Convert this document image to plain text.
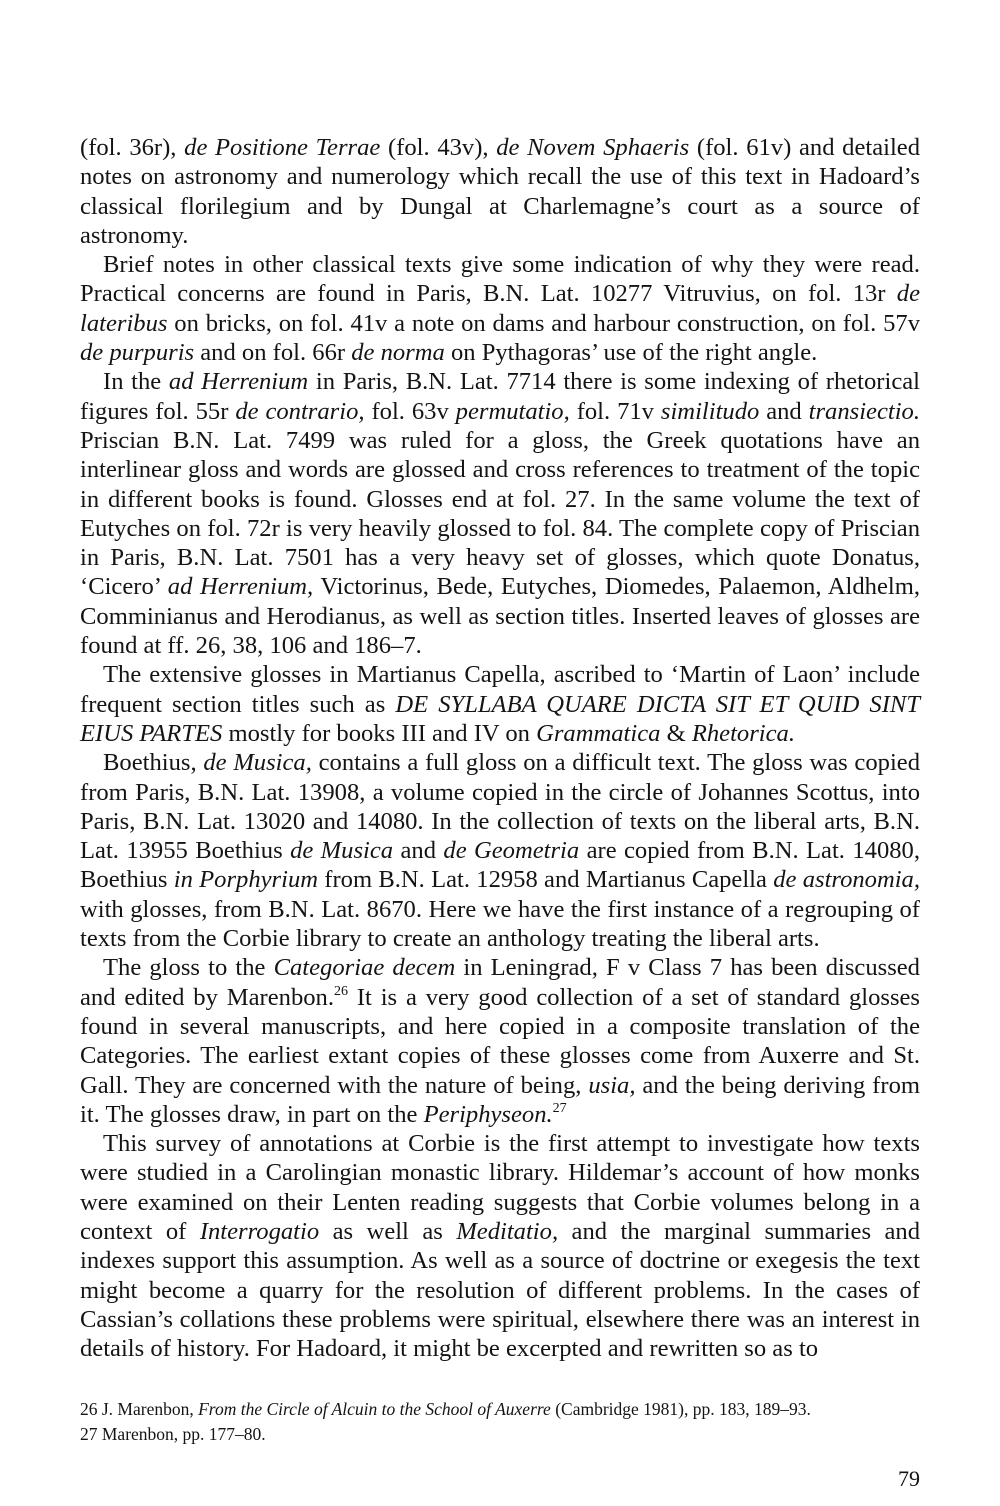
(fol. 36r), de Positione Terrae (fol. 43v), de Novem Sphaeris (fol. 61v) and detailed notes on astronomy and numerology which recall the use of this text in Hadoard’s classical florilegium and by Dungal at Charlemagne’s court as a source of astronomy.

Brief notes in other classical texts give some indication of why they were read. Practical concerns are found in Paris, B.N. Lat. 10277 Vitruvius, on fol. 13r de lateribus on bricks, on fol. 41v a note on dams and harbour construction, on fol. 57v de purpuris and on fol. 66r de norma on Pythagoras’ use of the right angle.

In the ad Herrenium in Paris, B.N. Lat. 7714 there is some indexing of rhetorical figures fol. 55r de contrario, fol. 63v permutatio, fol. 71v similitudo and transiectio. Priscian B.N. Lat. 7499 was ruled for a gloss, the Greek quotations have an interlinear gloss and words are glossed and cross references to treatment of the topic in different books is found. Glosses end at fol. 27. In the same volume the text of Eutyches on fol. 72r is very heavily glossed to fol. 84. The complete copy of Priscian in Paris, B.N. Lat. 7501 has a very heavy set of glosses, which quote Donatus, ‘Cicero’ ad Herrenium, Victorinus, Bede, Eutyches, Diomedes, Palaemon, Aldhelm, Comminianus and Herodianus, as well as section titles. Inserted leaves of glosses are found at ff. 26, 38, 106 and 186–7.

The extensive glosses in Martianus Capella, ascribed to ‘Martin of Laon’ include frequent section titles such as DE SYLLABA QUARE DICTA SIT ET QUID SINT EIUS PARTES mostly for books III and IV on Grammatica & Rhetorica.

Boethius, de Musica, contains a full gloss on a difficult text. The gloss was copied from Paris, B.N. Lat. 13908, a volume copied in the circle of Johannes Scottus, into Paris, B.N. Lat. 13020 and 14080. In the collection of texts on the liberal arts, B.N. Lat. 13955 Boethius de Musica and de Geometria are copied from B.N. Lat. 14080, Boethius in Porphyrium from B.N. Lat. 12958 and Martianus Capella de astronomia, with glosses, from B.N. Lat. 8670. Here we have the first instance of a regrouping of texts from the Corbie library to create an anthology treating the liberal arts.

The gloss to the Categoriae decem in Leningrad, F v Class 7 has been discussed and edited by Marenbon.$^{26}$ It is a very good collection of a set of standard glosses found in several manuscripts, and here copied in a composite translation of the Categories. The earliest extant copies of these glosses come from Auxerre and St. Gall. They are concerned with the nature of being, usia, and the being deriving from it. The glosses draw, in part on the Periphyseon.$^{27}$

This survey of annotations at Corbie is the first attempt to investigate how texts were studied in a Carolingian monastic library. Hildemar’s account of how monks were examined on their Lenten reading suggests that Corbie volumes belong in a context of Interrogatio as well as Meditatio, and the marginal summaries and indexes support this assumption. As well as a source of doctrine or exegesis the text might become a quarry for the resolution of different problems. In the cases of Cassian’s collations these problems were spiritual, elsewhere there was an interest in details of history. For Hadoard, it might be excerpted and rewritten so as to

26 J. Marenbon, From the Circle of Alcuin to the School of Auxerre (Cambridge 1981), pp. 183, 189–93.

27 Marenbon, pp. 177–80.

79
